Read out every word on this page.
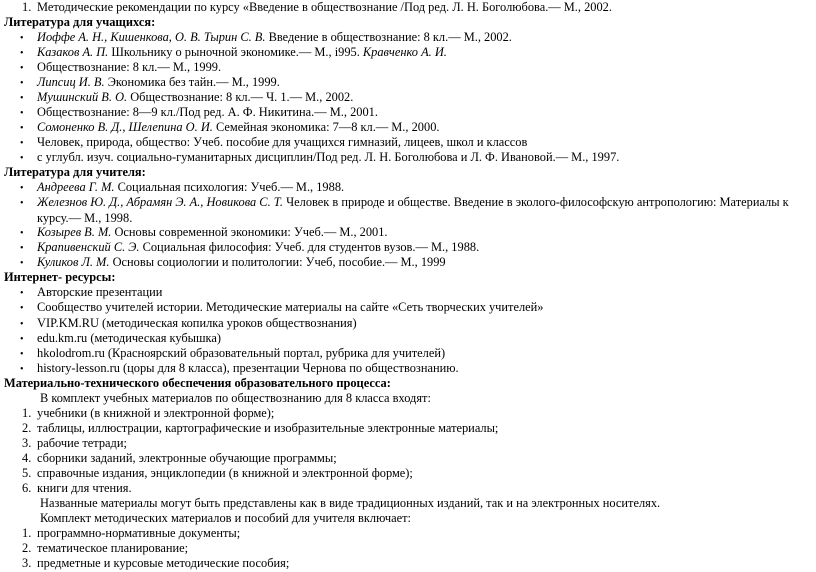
1. Методические рекомендации по курсу «Введение в обществознание /Под ред. Л. Н. Боголюбова.— М., 2002.
Литература для учащихся:
• Иоффе А. Н., Кишенкова, О. В. Тырин С. В. Введение в обществознание: 8 кл.— М., 2002.
• Казаков А. П. Школьнику о рыночной экономике.— М., і995. Кравченко А. И.
• Обществознание: 8 кл.— М., 1999.
• Липсиц И. В. Экономика без тайн.— М., 1999.
• Мушинский В. О. Обществознание: 8 кл.— Ч. 1.— М., 2002.
• Обществознание: 8—9 кл./Под ред. А. Ф. Никитина.— М., 2001.
• Сомоненко В. Д., Шелепина О. И. Семейная экономика: 7—8 кл.— М., 2000.
• Человек, природа, общество: Учеб. пособие для учащихся гимназий, лицеев, школ и классов
• с углубл. изуч. социально-гуманитарных дисциплин/Под ред. Л. Н. Боголюбова и Л. Ф. Ивановой.— М., 1997.
Литература для учителя:
• Андреева Г. М. Социальная психология: Учеб.— М., 1988.
• Железнов Ю. Д., Абрамян Э. А., Новикова С. Т. Человек в природе и обществе. Введение в эколого-философскую антропологию: Материалы к курсу.— М., 1998.
• Козырев В. М. Основы современной экономики: Учеб.— М., 2001.
• Крапивенский С. Э. Социальная философия: Учеб. для студентов вузов.— М., 1988.
• Куликов Л. М. Основы социологии и политологии: Учеб, пособие.— М., 1999
Интернет- ресурсы:
• Авторские презентации
• Сообщество учителей истории. Методические материалы на сайте «Сеть творческих учителей»
• VIP.KM.RU (методическая копилка уроков обществознания)
• edu.km.ru (методическая кубышка)
• hkolodrom.ru (Красноярский образовательный портал, рубрика для учителей)
• history-lesson.ru (цоры для 8 класса), презентации Чернова по обществознанию.
Материально-технического обеспечения образовательного процесса:
В комплект учебных материалов по обществознанию для 8 класса входят:
1. учебники (в книжной и электронной форме);
2. таблицы, иллюстрации, картографические и изобразительные электронные материалы;
3. рабочие тетради;
4. сборники заданий, электронные обучающие программы;
5. справочные издания, энциклопедии (в книжной и электронной форме);
6. книги для чтения.
Названные материалы могут быть представлены как в виде традиционных изданий, так и на электронных носителях.
Комплект методических материалов и пособий для учителя включает:
1. программно-нормативные документы;
2. тематическое планирование;
3. предметные и курсовые методические пособия;
